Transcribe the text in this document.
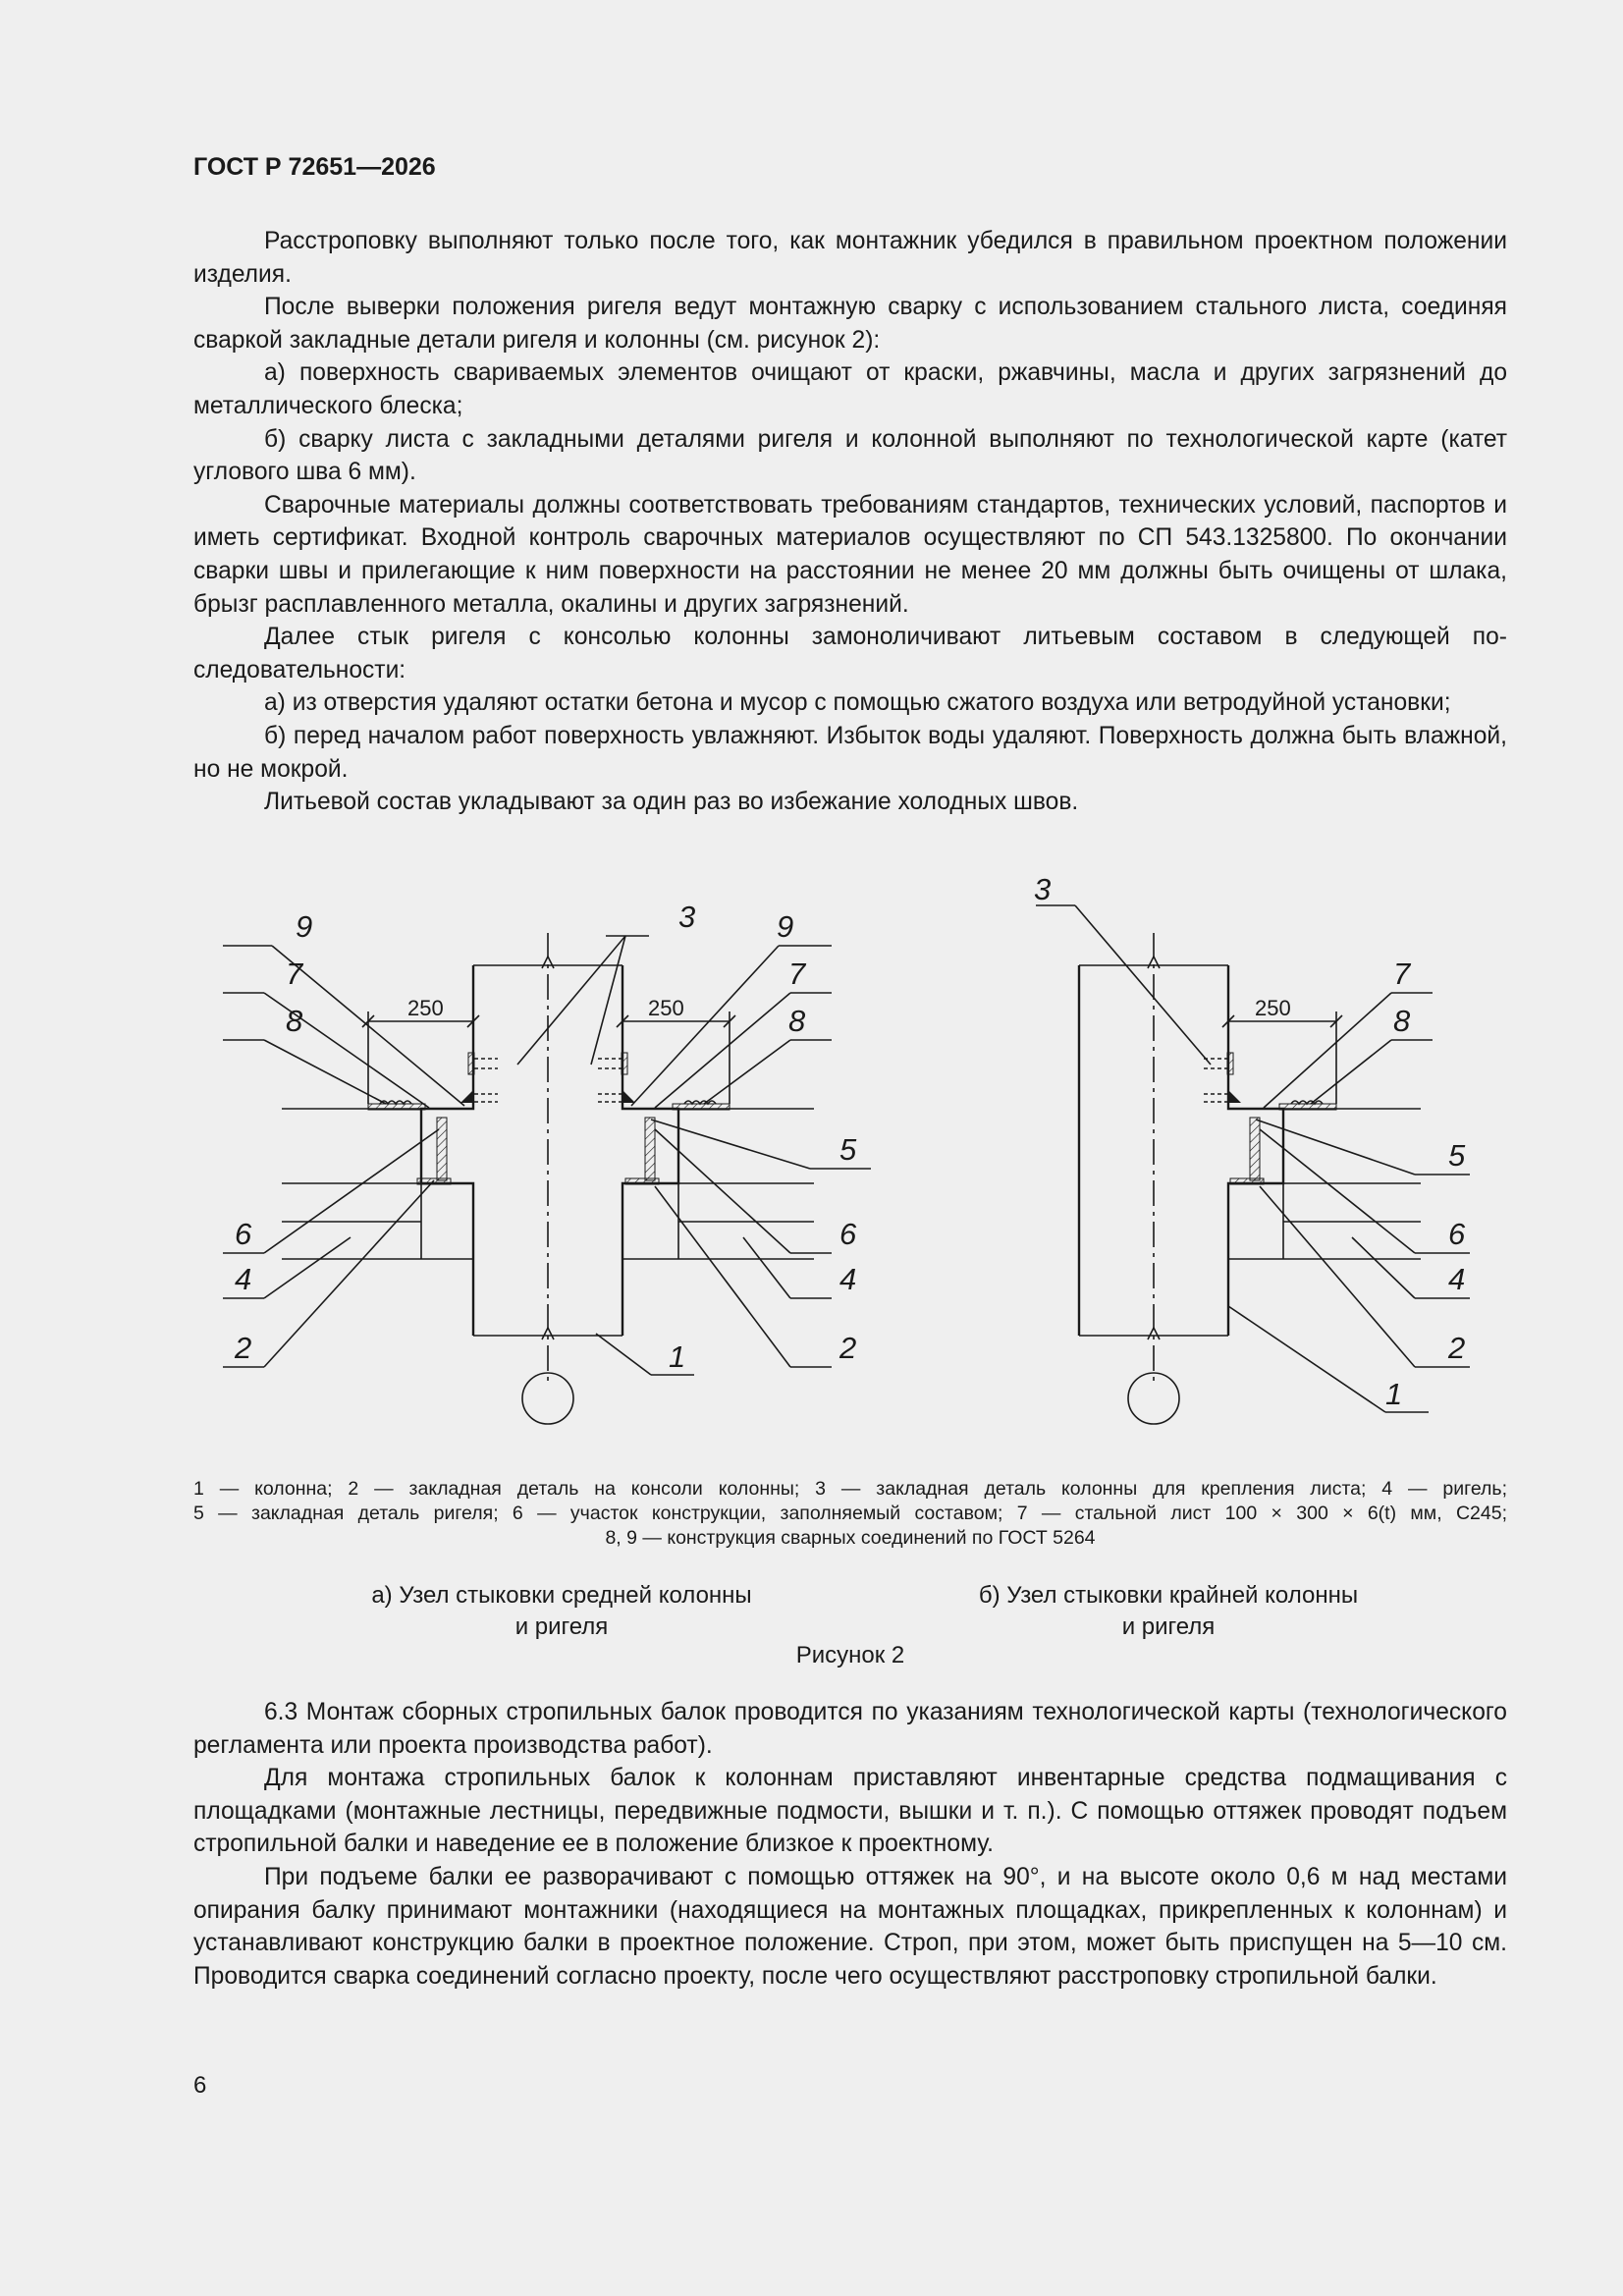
ГОСТ Р 72651—2026

Расстроповку выполняют только после того, как монтажник убедился в правильном проектном положении изделия.

После выверки положения ригеля ведут монтажную сварку с использованием стального листа, соединяя сваркой закладные детали ригеля и колонны (см. рисунок 2):

а) поверхность свариваемых элементов очищают от краски, ржавчины, масла и других загрязнений до металлического блеска;

б) сварку листа с закладными деталями ригеля и колонной выполняют по технологической карте (катет углового шва 6 мм).

Сварочные материалы должны соответствовать требованиям стандартов, технических условий, паспортов и иметь сертификат. Входной контроль сварочных материалов осуществляют по СП 543.1325800. По окончании сварки швы и прилегающие к ним поверхности на расстоянии не менее 20 мм должны быть очищены от шлака, брызг расплавленного металла, окалины и других загрязнений.

Далее стык ригеля с консолью колонны замоноличивают литьевым составом в следующей последовательности:

а) из отверстия удаляют остатки бетона и мусор с помощью сжатого воздуха или ветродуйной установки;

б) перед началом работ поверхность увлажняют. Избыток воды удаляют. Поверхность должна быть влажной, но не мокрой.

Литьевой состав укладывают за один раз во избежание холодных швов.

250	250
9
7
8
6
4
2
3	9
7
8
5
6
4
2
1
250
3
7
8
5
6
4
2
1
1 — колонна; 2 — закладная деталь на консоли колонны; 3 — закладная деталь колонны для крепления листа; 4 — ригель;
5 — закладная деталь ригеля; 6 — участок конструкции, заполняемый составом; 7 — стальной лист 100 × 300 × 6(t) мм, С245;
8, 9 — конструкция сварных соединений по ГОСТ 5264
а) Узел стыковки средней колонны
и ригеля
б) Узел стыковки крайней колонны
и ригеля
Рисунок 2

6.3 Монтаж сборных стропильных балок проводится по указаниям технологической карты (технологического регламента или проекта производства работ).

Для монтажа стропильных балок к колоннам приставляют инвентарные средства подмащивания с площадками (монтажные лестницы, передвижные подмости, вышки и т. п.). С помощью оттяжек проводят подъем стропильной балки и наведение ее в положение близкое к проектному.

При подъеме балки ее разворачивают с помощью оттяжек на 90°, и на высоте около 0,6 м над местами опирания балку принимают монтажники (находящиеся на монтажных площадках, прикрепленных к колоннам) и устанавливают конструкцию балки в проектное положение. Строп, при этом, может быть приспущен на 5—10 см. Проводится сварка соединений согласно проекту, после чего осуществляют расстроповку стропильной балки.

6
